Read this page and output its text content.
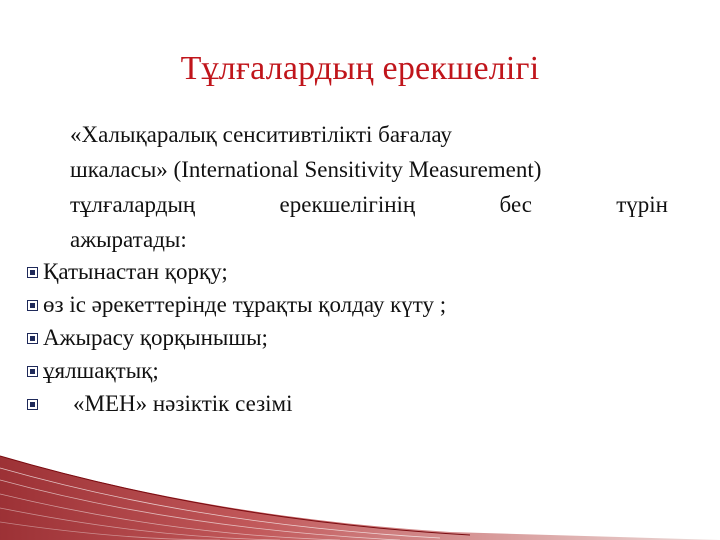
Тұлғалардың ерекшелігі
«Халықаралық сенситивтілікті бағалау
шкаласы» (International Sensitivity Measurement)
тұлғалардың ерекшелігінің бес түрін
ажыратады:
Қатынастан қорқу;
өз іс әрекеттерінде тұрақты қолдау күту ;
Ажырасу қорқынышы;
ұялшақтық;
«МЕН» нәзіктік сезімі
